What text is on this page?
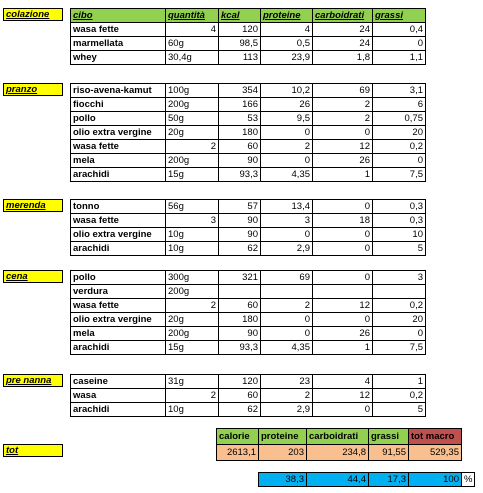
colazione	cibo	quantità	kcal	proteine	carboidrati	grassi
wasa fette	4	120	4	24	0,4
marmellata	60g	98,5	0,5	24	0
whey	30,4g	113	23,9	1,8	1,1
pranzo	riso-avena-kamut	100g	354	10,2	69	3,1
fiocchi	200g	166	26	2	6
pollo	50g	53	9,5	2	0,75
olio extra vergine	20g	180	0	0	20
wasa fette	2	60	2	12	0,2
mela	200g	90	0	26	0
arachidi	15g	93,3	4,35	1	7,5
merenda	tonno	56g	57	13,4	0	0,3
wasa fette	3	90	3	18	0,3
olio extra vergine	10g	90	0	0	10
arachidi	10g	62	2,9	0	5
cena	pollo	300g	321	69	0	3
verdura	200g				
wasa fette	2	60	2	12	0,2
olio extra vergine	20g	180	0	0	20
mela	200g	90	0	26	0
arachidi	15g	93,3	4,35	1	7,5
pre nanna	caseine	31g	120	23	4	1
wasa	2	60	2	12	0,2
arachidi	10g	62	2,9	0	5
tot
calorie	proteine	carboidrati	grassi	tot macro
2613,1	203	234,8	91,55	529,35
38,3	44,4	17,3	100	%
